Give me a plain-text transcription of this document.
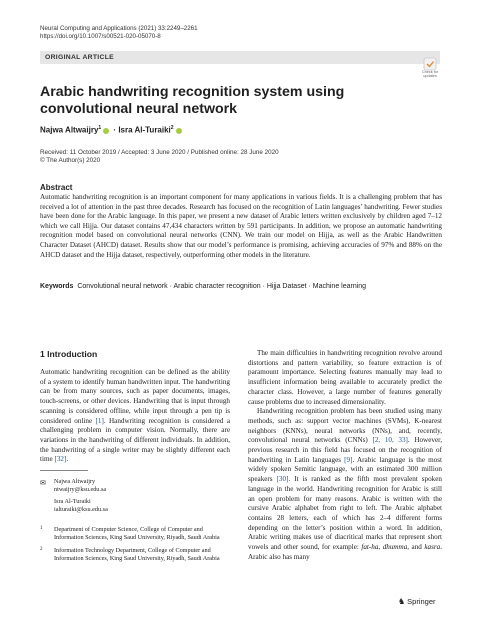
Neural Computing and Applications (2021) 33:2249–2261
https://doi.org/10.1007/s00521-020-05070-8
ORIGINAL ARTICLE
Check for updates
Arabic handwriting recognition system using convolutional neural network
Najwa Altwaijry$^1$ · Isra Al-Turaiki$^2$
Received: 11 October 2019 / Accepted: 3 June 2020 / Published online: 28 June 2020
© The Author(s) 2020
Abstract
Automatic handwriting recognition is an important component for many applications in various fields. It is a challenging problem that has received a lot of attention in the past three decades. Research has focused on the recognition of Latin languages’ handwriting. Fewer studies have been done for the Arabic language. In this paper, we present a new dataset of Arabic letters written exclusively by children aged 7–12 which we call Hijja. Our dataset contains 47,434 characters written by 591 participants. In addition, we propose an automatic handwriting recognition model based on convolutional neural networks (CNN). We train our model on Hijja, as well as the Arabic Handwritten Character Dataset (AHCD) dataset. Results show that our model’s performance is promising, achieving accuracies of 97% and 88% on the AHCD dataset and the Hijja dataset, respectively, outperforming other models in the literature.
Keywords Convolutional neural network · Arabic character recognition · Hijja Dataset · Machine learning
1 Introduction
Automatic handwriting recognition can be defined as the ability of a system to identify human handwritten input. The handwriting can be from many sources, such as paper documents, images, touch-screens, or other devices. Handwriting that is input through scanning is considered offline, while input through a pen tip is considered online [1]. Handwriting recognition is considered a challenging problem in computer vision. Normally, there are variations in the handwriting of different individuals. In addition, the handwriting of a single writer may be slightly different each time [32].
✉ Najwa Altwaijry
ntwaijry@ksu.edu.sa
Isra Al-Turaiki
ialturaiki@ksu.edu.sa
1 Department of Computer Science, College of Computer and Information Sciences, King Saud University, Riyadh, Saudi Arabia
2 Information Technology Department, College of Computer and Information Sciences, King Saud University, Riyadh, Saudi Arabia
The main difficulties in handwriting recognition revolve around distortions and pattern variability, so feature extraction is of paramount importance. Selecting features manually may lead to insufficient information being available to accurately predict the character class. However, a large number of features generally cause problems due to increased dimensionality.
Handwriting recognition problem has been studied using many methods, such as: support vector machines (SVMs), K-nearest neighbors (KNNs), neural networks (NNs), and, recently, convolutional neural networks (CNNs) [2, 10, 33]. However, previous research in this field has focused on the recognition of handwriting in Latin languages [9]. Arabic language is the most widely spoken Semitic language, with an estimated 300 million speakers [30]. It is ranked as the fifth most prevalent spoken language in the world. Handwriting recognition for Arabic is still an open problem for many reasons. Arabic is written with the cursive Arabic alphabet from right to left. The Arabic alphabet contains 28 letters, each of which has 2–4 different forms depending on the letter’s position within a word. In addition, Arabic writing makes use of diacritical marks that represent short vowels and other sound, for example: fat-ha, dhumma, and kasra. Arabic also has many
♞ Springer
